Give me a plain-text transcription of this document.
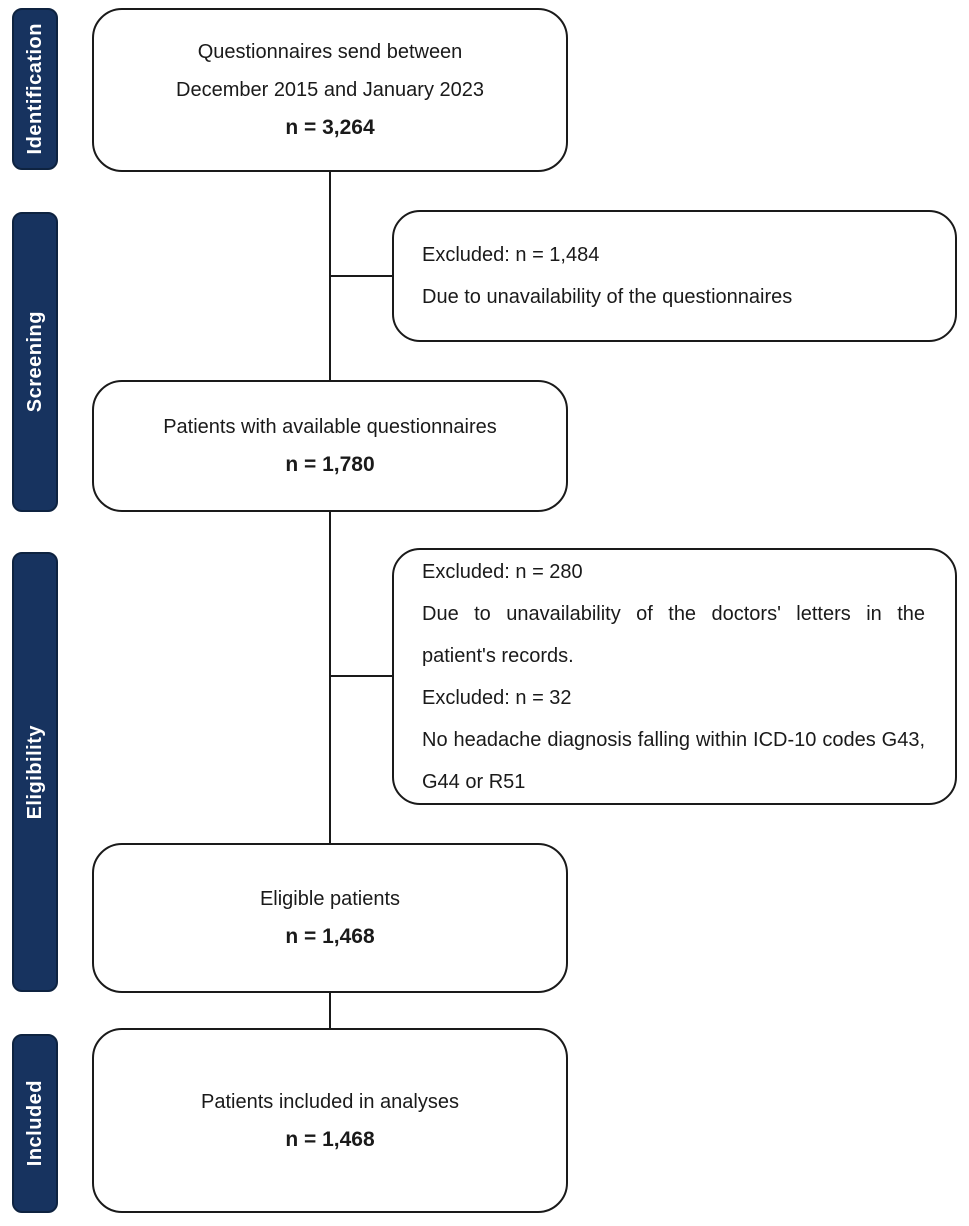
Identification
Screening
Eligibility
Included
Questionnaires send between
December 2015 and January 2023
n = 3,264
Patients with available questionnaires
n = 1,780
Eligible patients
n = 1,468
Patients included in analyses
n = 1,468

Excluded: n = 1,484

Due to unavailability of the questionnaires

Excluded: n = 280

Due to unavailability of the doctors' letters in the patient's records.

Excluded: n = 32

No headache diagnosis falling within ICD-10 codes G43, G44 or R51
